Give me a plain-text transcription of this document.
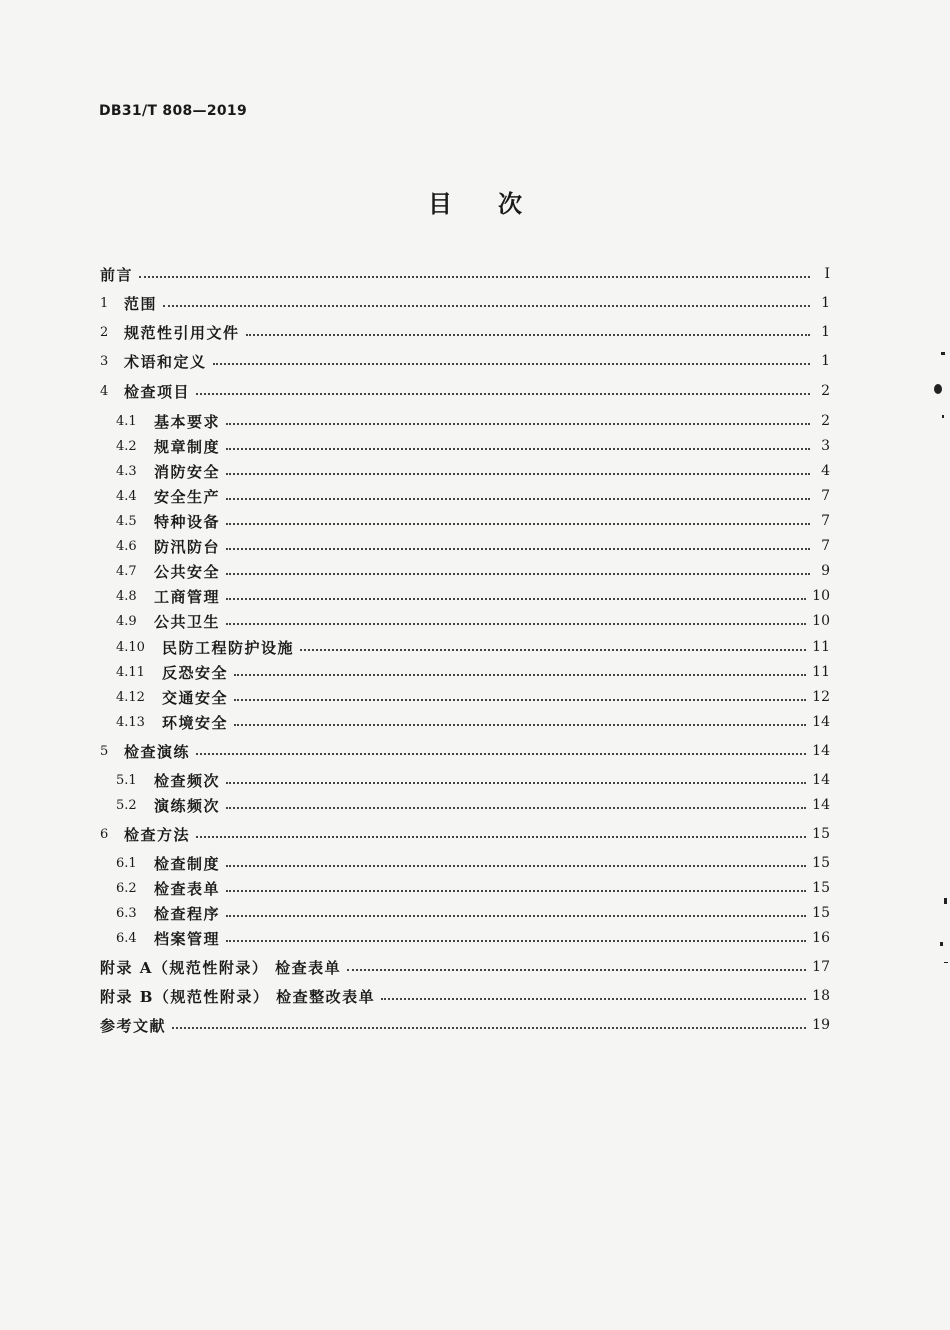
DB31/T 808—2019
目次
前言	I
1	范围	1
2	规范性引用文件	1
3	术语和定义	1
4	检查项目	2
4.1	基本要求	2
4.2	规章制度	3
4.3	消防安全	4
4.4	安全生产	7
4.5	特种设备	7
4.6	防汛防台	7
4.7	公共安全	9
4.8	工商管理	10
4.9	公共卫生	10
4.10	民防工程防护设施	11
4.11	反恐安全	11
4.12	交通安全	12
4.13	环境安全	14
5	检查演练	14
5.1	检查频次	14
5.2	演练频次	14
6	检查方法	15
6.1	检查制度	15
6.2	检查表单	15
6.3	检查程序	15
6.4	档案管理	16
附录 A（规范性附录） 检查表单	17
附录 B（规范性附录） 检查整改表单	18
参考文献	19
